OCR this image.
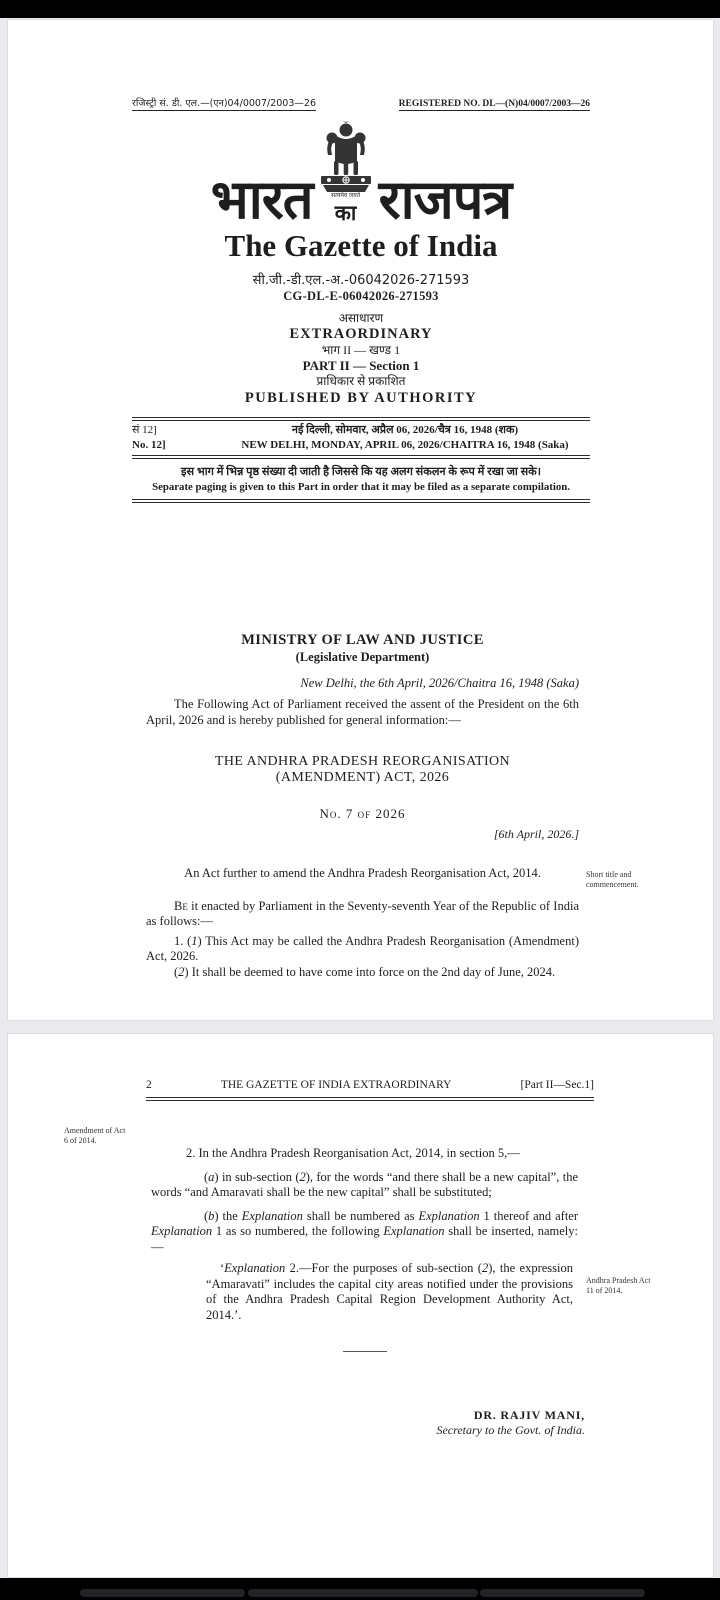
रजिस्ट्री सं. डी. एल.—(एन)04/0007/2003—26	REGISTERED NO. DL—(N)04/0007/2003—26
भारत	सत्यमेव जयते
का राजपत्र
The Gazette of India
सी.जी.-डी.एल.-अ.-06042026-271593
CG-DL-E-06042026-271593
असाधारण
EXTRAORDINARY
भाग II — खण्ड 1
PART II — Section 1
प्राधिकार से प्रकाशित
PUBLISHED BY AUTHORITY
सं 12]	नई दिल्ली, सोमवार, अप्रैल 06, 2026/चैत्र 16, 1948 (शक)
No. 12]	NEW DELHI, MONDAY, APRIL 06, 2026/CHAITRA 16, 1948 (Saka)
इस भाग में भिन्न पृष्ठ संख्या दी जाती है जिससे कि यह अलग संकलन के रूप में रखा जा सके।
Separate paging is given to this Part in order that it may be filed as a separate compilation.
MINISTRY OF LAW AND JUSTICE
(Legislative Department)
New Delhi, the 6th April, 2026/Chaitra 16, 1948 (Saka)
The Following Act of Parliament received the assent of the President on the 6th April, 2026 and is hereby published for general information:—
THE ANDHRA PRADESH REORGANISATION
(AMENDMENT) ACT, 2026
No. 7 of 2026
[6th April, 2026.]
An Act further to amend the Andhra Pradesh Reorganisation Act, 2014.
Be it enacted by Parliament in the Seventy-seventh Year of the Republic of India as follows:—
1. (1) This Act may be called the Andhra Pradesh Reorganisation (Amendment) Act, 2026.
(2) It shall be deemed to have come into force on the 2nd day of June, 2024.
Short title and commencement.
2	THE GAZETTE OF INDIA EXTRAORDINARY	[Part II—Sec.1]
2. In the Andhra Pradesh Reorganisation Act, 2014, in section 5,—
(a) in sub-section (2), for the words “and there shall be a new capital”, the words “and Amaravati shall be the new capital” shall be substituted;
(b) the Explanation shall be numbered as Explanation 1 thereof and after Explanation 1 as so numbered, the following Explanation shall be inserted, namely:—
‘Explanation 2.—For the purposes of sub-section (2), the expression “Amaravati” includes the capital city areas notified under the provisions of the Andhra Pradesh Capital Region Development Authority Act, 2014.’.
DR. RAJIV MANI,
Secretary to the Govt. of India.
Amendment of Act 6 of 2014.
Andhra Pradesh Act 11 of 2014.
